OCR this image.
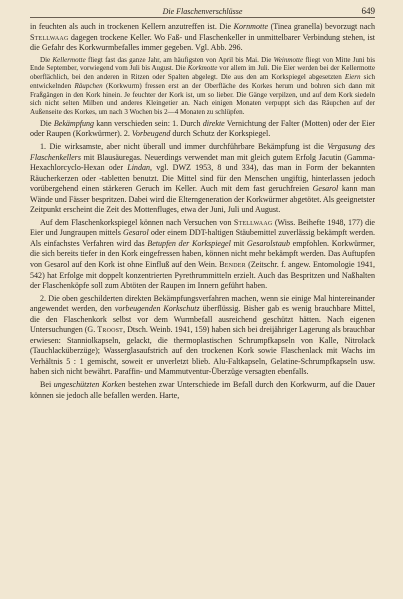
Die Flaschenverschlüsse	649

in feuchten als auch in trockenen Kellern anzutreffen ist. Die Kornmotte (Tinea granella) bevorzugt nach Stellwaag dagegen trockene Keller. Wo Faß- und Flaschenkeller in unmittelbarer Verbindung stehen, ist die Gefahr des Korkwurmbefalles immer gegeben. Vgl. Abb. 296.

Die Kellermotte fliegt fast das ganze Jahr, am häufigsten von April bis Mai. Die Weinmotte fliegt von Mitte Juni bis Ende September, vorwiegend vom Juli bis August. Die Korkmotte vor allem im Juli. Die Eier werden bei der Kellermotte oberflächlich, bei den anderen in Ritzen oder Spalten abgelegt. Die aus den am Korkspiegel abgesetzten Eiern sich entwickelnden Räupchen (Korkwurm) fressen erst an der Oberfläche des Korkes herum und bohren sich dann mit Fraßgängen in den Kork hinein. Je feuchter der Kork ist, um so lieber. Die Gänge verpilzen, und auf dem Kork siedeln sich nicht selten Milben und anderes Kleingetier an. Nach einigen Monaten verpuppt sich das Räupchen auf der Außenseite des Korkes, um nach 3 Wochen bis 2—4 Monaten zu schlüpfen.

Die Bekämpfung kann verschieden sein: 1. Durch direkte Vernichtung der Falter (Motten) oder der Eier oder Raupen (Korkwürmer). 2. Vorbeugend durch Schutz der Korkspiegel.

1. Die wirksamste, aber nicht überall und immer durchführbare Bekämpfung ist die Vergasung des Flaschenkellers mit Blausäuregas. Neuerdings verwendet man mit gleich gutem Erfolg Jacutin (Gamma-Hexachlorcyclo-Hexan oder Lindan, vgl. DWZ 1953, 8 und 334), das man in Form der bekannten Räucherkerzen oder -tabletten benutzt. Die Mittel sind für den Menschen ungiftig, hinterlassen jedoch vorübergehend einen stärkeren Geruch im Keller. Auch mit dem fast geruchfreien Gesarol kann man Wände und Fässer bespritzen. Dabei wird die Elterngeneration der Korkwürmer abgetötet. Als geeignetster Zeitpunkt erscheint die Zeit des Mottenfluges, etwa der Juni, Juli und August.

Auf dem Flaschenkorkspiegel können nach Versuchen von Stellwaag (Wiss. Beihefte 1948, 177) die Eier und Jungraupen mittels Gesarol oder einem DDT-haltigen Stäubemittel zuverlässig bekämpft werden. Als einfachstes Verfahren wird das Betupfen der Korkspiegel mit Gesarolstaub empfohlen. Korkwürmer, die sich bereits tiefer in den Kork eingefressen haben, können nicht mehr bekämpft werden. Das Auftupfen von Gesarol auf den Kork ist ohne Einfluß auf den Wein. Bender (Zeitschr. f. angew. Entomologie 1941, 542) hat Erfolge mit doppelt konzentrierten Pyrethrummitteln erzielt. Auch das Bespritzen und Naßhalten der Flaschenköpfe soll zum Abtöten der Raupen im Innern geführt haben.

2. Die oben geschilderten direkten Bekämpfungsverfahren machen, wenn sie einige Mal hintereinander angewendet werden, den vorbeugenden Korkschutz überflüssig. Bisher gab es wenig brauchbare Mittel, die den Flaschenkork selbst vor dem Wurmbefall ausreichend geschützt hätten. Nach eigenen Untersuchungen (G. Troost, Dtsch. Weinb. 1941, 159) haben sich bei dreijähriger Lagerung als brauchbar erwiesen: Stanniolkapseln, gelackt, die thermoplastischen Schrumpfkapseln von Kalle, Nitrolack (Tauchlacküberzüge); Wasserglasaufstrich auf den trockenen Kork sowie Flaschenlack mit Wachs im Verhältnis 5 : 1 gemischt, soweit er unverletzt blieb. Alu-Faltkapseln, Gelatine-Schrumpfkapseln usw. haben sich nicht bewährt. Paraffin- und Mammutventur-Überzüge versagten ebenfalls.

Bei ungeschützten Korken bestehen zwar Unterschiede im Befall durch den Korkwurm, auf die Dauer können sie jedoch alle befallen werden. Harte,
